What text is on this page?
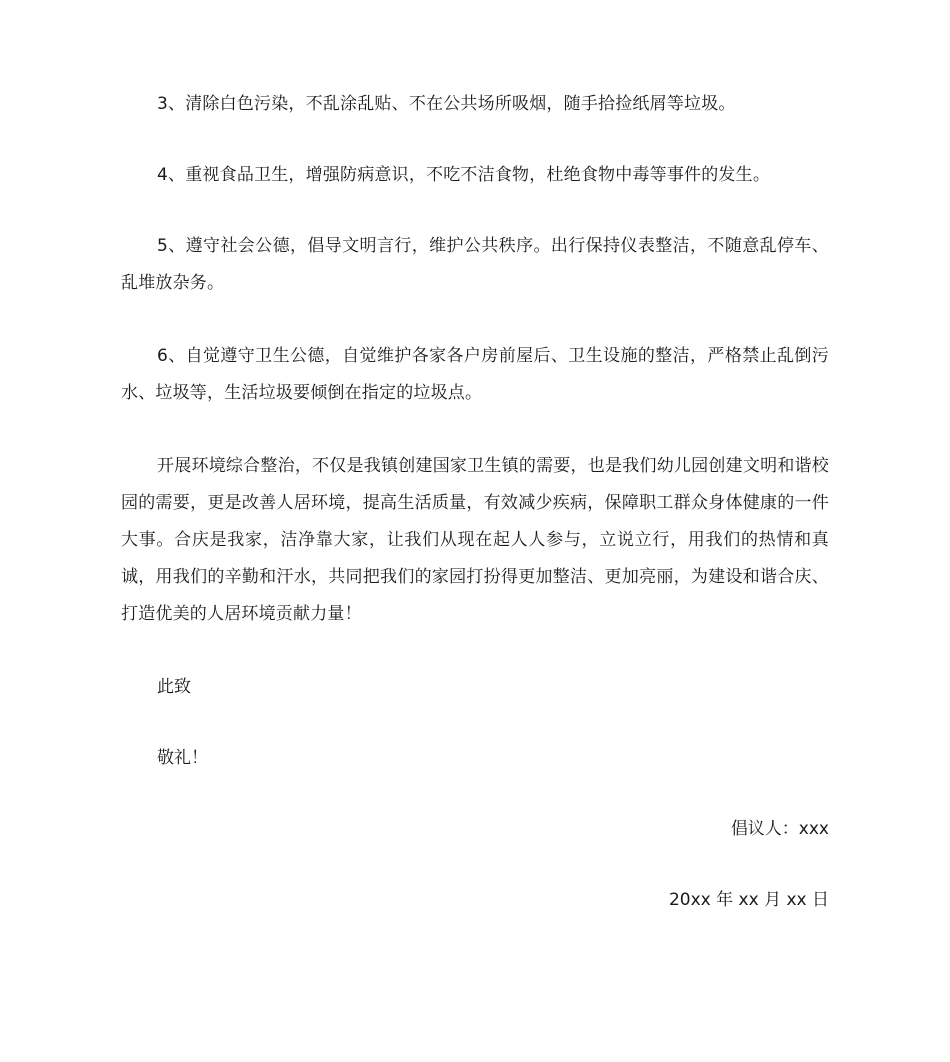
3、清除白色污染，不乱涂乱贴、不在公共场所吸烟，随手拾捡纸屑等垃圾。

4、重视食品卫生，增强防病意识，不吃不洁食物，杜绝食物中毒等事件的发生。

5、遵守社会公德，倡导文明言行，维护公共秩序。出行保持仪表整洁，不随意乱停车、乱堆放杂务。

6、自觉遵守卫生公德，自觉维护各家各户房前屋后、卫生设施的整洁，严格禁止乱倒污水、垃圾等，生活垃圾要倾倒在指定的垃圾点。

开展环境综合整治，不仅是我镇创建国家卫生镇的需要，也是我们幼儿园创建文明和谐校园的需要，更是改善人居环境，提高生活质量，有效减少疾病，保障职工群众身体健康的一件大事。合庆是我家，洁净靠大家，让我们从现在起人人参与，立说立行，用我们的热情和真诚，用我们的辛勤和汗水，共同把我们的家园打扮得更加整洁、更加亮丽，为建设和谐合庆、打造优美的人居环境贡献力量！

此致

敬礼！

倡议人：xxx

20xx 年 xx 月 xx 日
